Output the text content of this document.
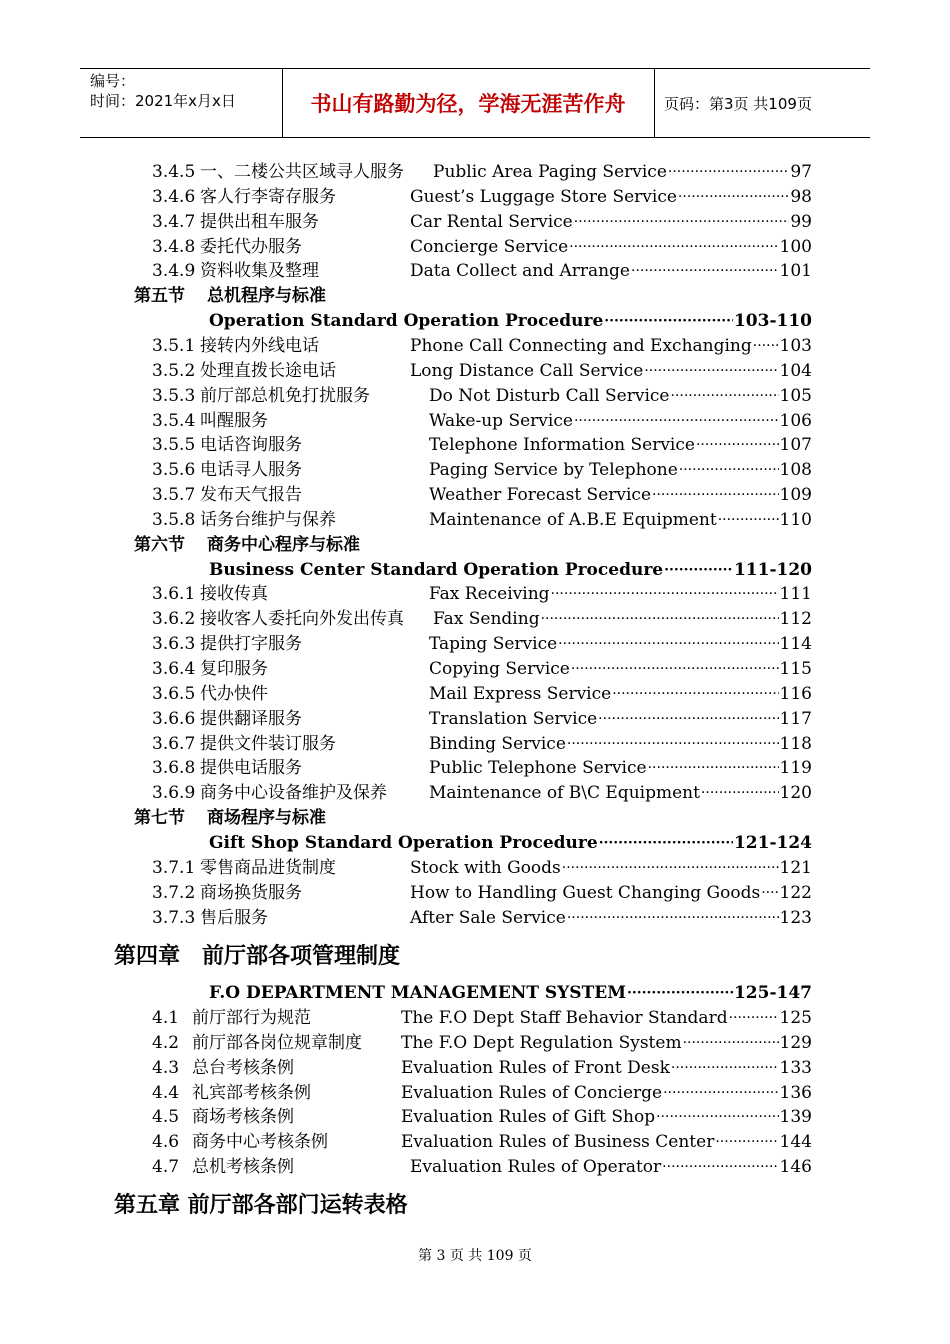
编号：
时间：2021年x月x日	书山有路勤为径，学海无涯苦作舟	页码：第3页 共109页
3.4.5 一、二楼公共区域寻人服务 Public Area Paging Service	97
3.4.6 客人行李寄存服务	Guest’s Luggage Store Service	98
3.4.7 提供出租车服务	Car Rental Service	99
3.4.8 委托代办服务	Concierge Service	100
3.4.9 资料收集及整理	Data Collect and Arrange	101
第五节 总机程序与标准
Operation Standard Operation Procedure	103-110
3.5.1 接转内外线电话	Phone Call Connecting and Exchanging 103
3.5.2 处理直拨长途电话	Long Distance Call Service	104
3.5.3 前厅部总机免打扰服务	Do Not Disturb Call Service	105
3.5.4 叫醒服务	Wake-up Service	106
3.5.5 电话咨询服务	Telephone Information Service	107
3.5.6 电话寻人服务	Paging Service by Telephone	108
3.5.7 发布天气报告	Weather Forecast Service	109
3.5.8 话务台维护与保养	Maintenance of A.B.E Equipment	110
第六节 商务中心程序与标准
Business Center Standard Operation Procedure	111-120
3.6.1 接收传真	Fax Receiving	111
3.6.2 接收客人委托向外发出传真 Fax Sending	112
3.6.3 提供打字服务	Taping Service	114
3.6.4 复印服务	Copying Service	115
3.6.5 代办快件	Mail Express Service	116
3.6.6 提供翻译服务	Translation Service	117
3.6.7 提供文件装订服务	Binding Service	118
3.6.8 提供电话服务	Public Telephone Service	119
3.6.9 商务中心设备维护及保养 Maintenance of B\C Equipment	120
第七节 商场程序与标准
Gift Shop Standard Operation Procedure	121-124
3.7.1 零售商品进货制度	Stock with Goods	121
3.7.2 商场换货服务	How to Handling Guest Changing Goods 122
3.7.3 售后服务	After Sale Service	123
第四章　前厅部各项管理制度
F.O DEPARTMENT MANAGEMENT SYSTEM	125-147
4.1 前厅部行为规范	The F.O Dept Staff Behavior Standard	125
4.2 前厅部各岗位规章制度 The F.O Dept Regulation System	129
4.3 总台考核条例	Evaluation Rules of Front Desk	133
4.4 礼宾部考核条例	Evaluation Rules of Concierge	136
4.5 商场考核条例	Evaluation Rules of Gift Shop	139
4.6 商务中心考核条例	Evaluation Rules of Business Center	144
4.7 总机考核条例	Evaluation Rules of Operator	146
第五章 前厅部各部门运转表格
·····
·····
·····
·····
·····
·····
·····
·····
·····
·····
·····
·····
·····
·····
·····
·····
·····
·····
·····
·····
·····
·····
·····
·····
·····
·····
·····
·····
·····
·····
·····
·····
·····
·····
·····
·····
第 3 页 共 109 页
